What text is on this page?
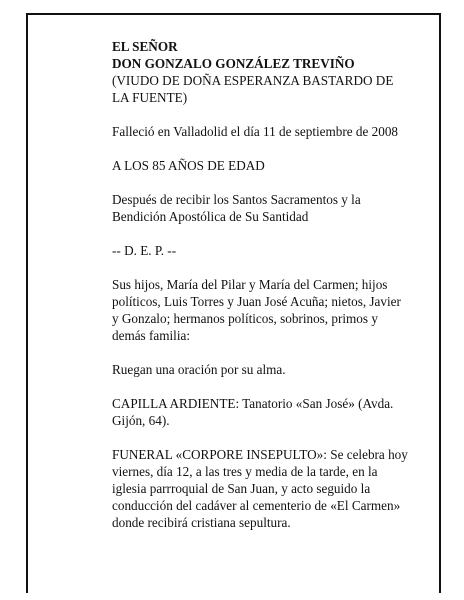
EL SEÑOR
DON GONZALO GONZÁLEZ TREVIÑO
(VIUDO DE DOÑA ESPERANZA BASTARDO DE
LA FUENTE)

Falleció en Valladolid el día 11 de septiembre de 2008

A LOS 85 AÑOS DE EDAD

Después de recibir los Santos Sacramentos y la
Bendición Apostólica de Su Santidad

-- D. E. P. --

Sus hijos, María del Pilar y María del Carmen; hijos
políticos, Luis Torres y Juan José Acuña; nietos, Javier
y Gonzalo; hermanos políticos, sobrinos, primos y
demás familia:

Ruegan una oración por su alma.

CAPILLA ARDIENTE: Tanatorio «San José» (Avda.
Gijón, 64).

FUNERAL «CORPORE INSEPULTO»: Se celebra hoy
viernes, día 12, a las tres y media de la tarde, en la
iglesia parrroquial de San Juan, y acto seguido la
conducción del cadáver al cementerio de «El Carmen»
donde recibirá cristiana sepultura.
